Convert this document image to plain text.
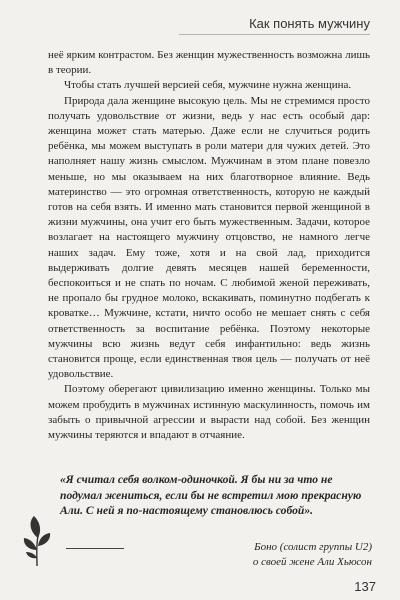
Как понять мужчину

неё ярким контрастом. Без женщин мужественность возможна лишь в теории.

Чтобы стать лучшей версией себя, мужчине нужна женщина.

Природа дала женщине высокую цель. Мы не стремимся просто получать удовольствие от жизни, ведь у нас есть особый дар: женщина может стать матерью. Даже если не случиться родить ребёнка, мы можем выступать в роли матери для чужих детей. Это наполняет нашу жизнь смыслом. Мужчинам в этом плане повезло меньше, но мы оказываем на них благотворное влияние. Ведь материнство — это огромная ответственность, которую не каждый готов на себя взять. И именно мать становится первой женщиной в жизни мужчины, она учит его быть мужественным. Задачи, которое возлагает на настоящего мужчину отцовство, не намного легче наших задач. Ему тоже, хотя и на свой лад, приходится выдерживать долгие девять месяцев нашей беременности, беспокоиться и не спать по ночам. С любимой женой переживать, не пропало бы грудное молоко, вскакивать, поминутно подбегать к кроватке… Мужчине, кстати, ничто особо не мешает снять с себя ответственность за воспитание ребёнка. Поэтому некоторые мужчины всю жизнь ведут себя инфантильно: ведь жизнь становится проще, если единственная твоя цель — получать от неё удовольствие.

Поэтому оберегают цивилизацию именно женщины. Только мы можем пробудить в мужчинах истинную маскулинность, помочь им забыть о привычной агрессии и вырасти над собой. Без женщин мужчины теряются и впадают в отчаяние.

«Я считал себя волком-одиночкой. Я бы ни за что не подумал жениться, если бы не встретил мою прекрасную Али. С ней я по-настоящему становлюсь собой».

Боно (солист группы U2)
о своей жене Али Хьюсон
137
